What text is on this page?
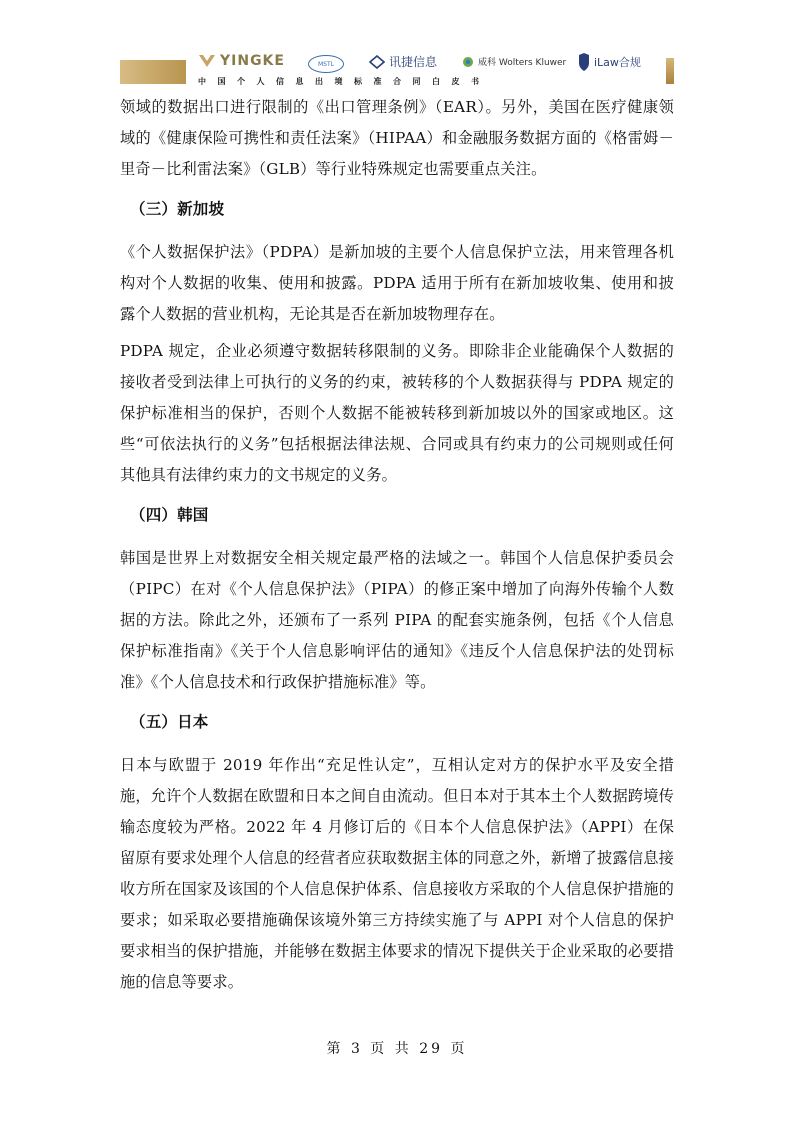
YINGKE	MSTL	讯捷信息	威科 Wolters Kluwer	iLaw合规
中国个人信息出境标准合同白皮书

领域的数据出口进行限制的《出口管理条例》（EAR）。另外，美国在医疗健康领域的《健康保险可携性和责任法案》（HIPAA）和金融服务数据方面的《格雷姆－里奇－比利雷法案》（GLB）等行业特殊规定也需要重点关注。

（三）新加坡

《个人数据保护法》（PDPA）是新加坡的主要个人信息保护立法，用来管理各机构对个人数据的收集、使用和披露。PDPA 适用于所有在新加坡收集、使用和披露个人数据的营业机构，无论其是否在新加坡物理存在。

PDPA 规定，企业必须遵守数据转移限制的义务。即除非企业能确保个人数据的接收者受到法律上可执行的义务的约束，被转移的个人数据获得与 PDPA 规定的保护标准相当的保护，否则个人数据不能被转移到新加坡以外的国家或地区。这些“可依法执行的义务”包括根据法律法规、合同或具有约束力的公司规则或任何其他具有法律约束力的文书规定的义务。

（四）韩国

韩国是世界上对数据安全相关规定最严格的法域之一。韩国个人信息保护委员会（PIPC）在对《个人信息保护法》（PIPA）的修正案中增加了向海外传输个人数据的方法。除此之外，还颁布了一系列 PIPA 的配套实施条例，包括《个人信息保护标准指南》《关于个人信息影响评估的通知》《违反个人信息保护法的处罚标准》《个人信息技术和行政保护措施标准》等。

（五）日本

日本与欧盟于 2019 年作出“充足性认定”，互相认定对方的保护水平及安全措施，允许个人数据在欧盟和日本之间自由流动。但日本对于其本土个人数据跨境传输态度较为严格。2022 年 4 月修订后的《日本个人信息保护法》（APPI）在保留原有要求处理个人信息的经营者应获取数据主体的同意之外，新增了披露信息接收方所在国家及该国的个人信息保护体系、信息接收方采取的个人信息保护措施的要求；如采取必要措施确保该境外第三方持续实施了与 APPI 对个人信息的保护要求相当的保护措施，并能够在数据主体要求的情况下提供关于企业采取的必要措施的信息等要求。

第 3 页 共 29 页
